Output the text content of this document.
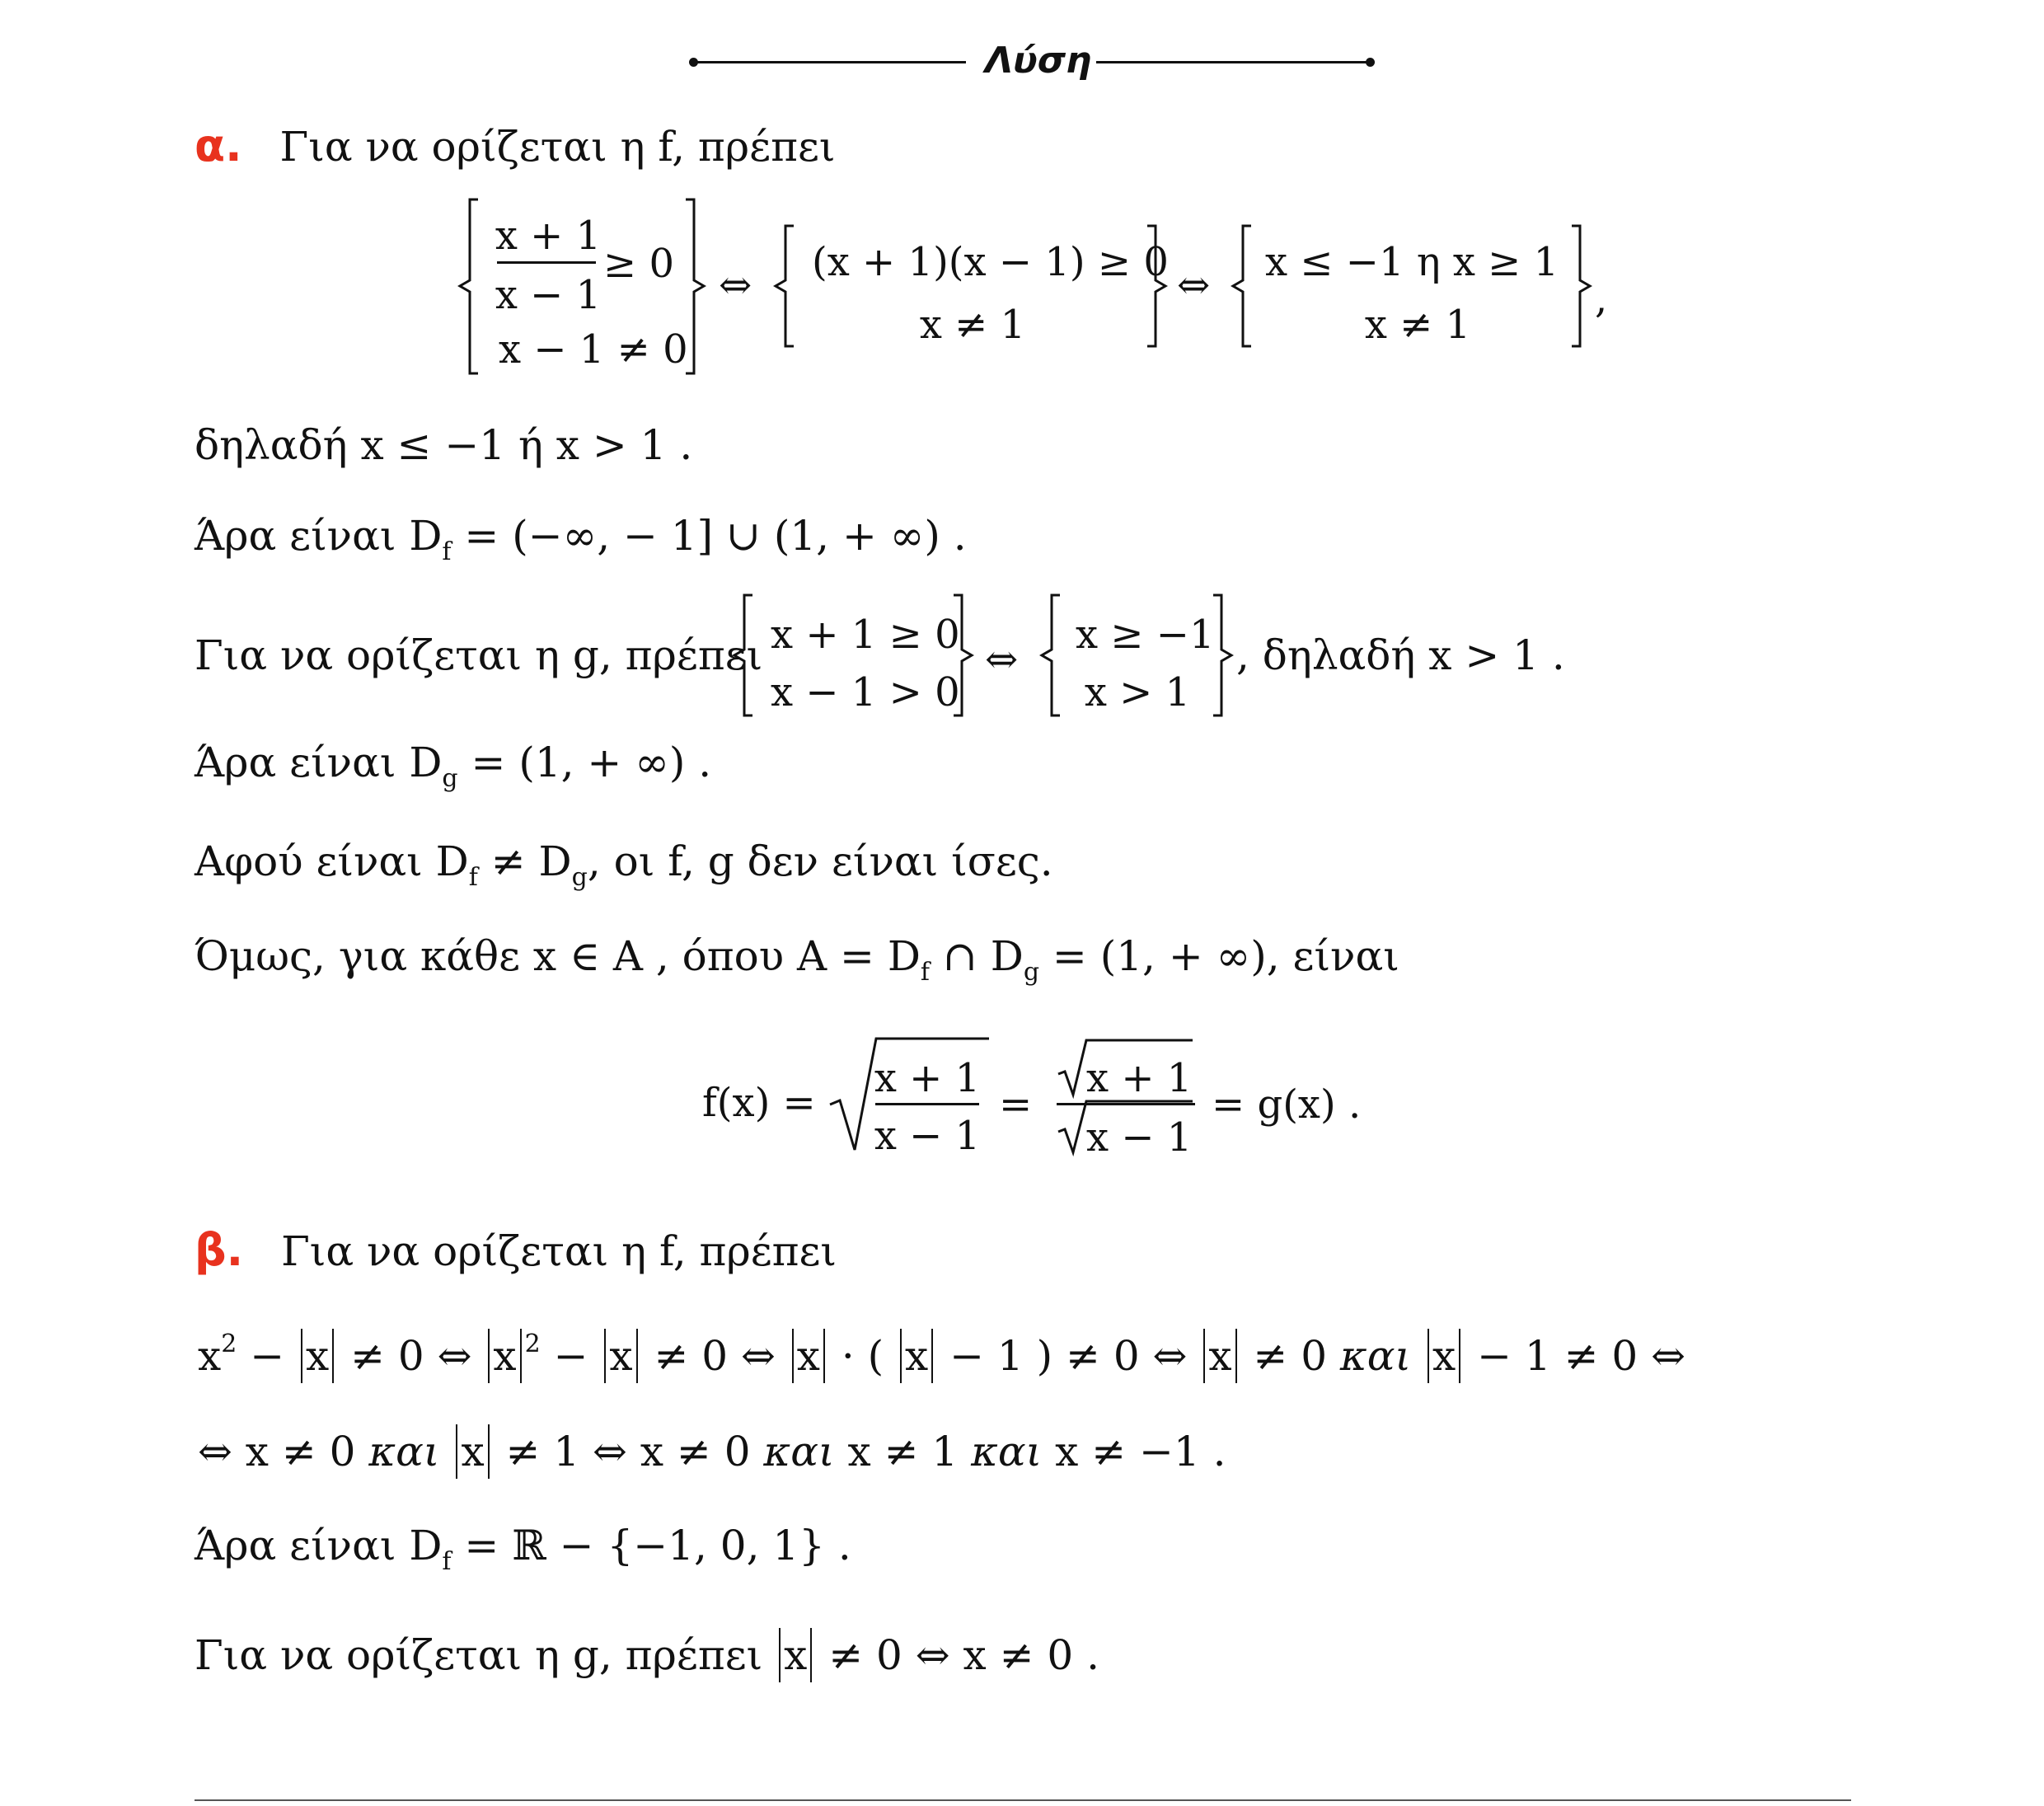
Λύση
α. Για να ορίζεται η f, πρέπει
x + 1
x − 1
≥ 0
x − 1 ≠ 0
⇔ (x + 1)(x − 1) ≥ 0
x ≠ 1
⇔ x ≤ −1 η x ≥ 1
x ≠ 1
,
δηλαδή x ≤ −1 ή x > 1 .
Άρα είναι $D_f$ = (−∞, − 1] ∪ (1, + ∞) .
Για να ορίζεται η g, πρέπει x + 1 ≥ 0
x − 1 > 0
⇔
x ≥ −1
x > 1
, δηλαδή x > 1 .
Άρα είναι $D_g = (1$, + ∞) .
Αφού είναι $D_f \ne D_g$, οι f, g δεν είναι ίσες.
Όμως, για κάθε x ∈ A , όπου $A = D_f$ ∩ $D_g = (1$, + ∞), είναι
f(x) =
x + 1
x − 1
=
x + 1
x − 1
= g(x) .
β. Για να ορίζεται η f, πρέπει
$x^2 - x \ne 0$ ⇔ x $^2$ − x ≠ 0 ⇔ x · ( x − 1 ) ≠ 0 ⇔ x ≠ 0 και x − 1 ≠ 0 ⇔
⇔ x ≠ 0 και x ≠ 1 ⇔ x ≠ 0 και x ≠ 1 και x ≠ −1 .
Άρα είναι $D_f$ = ℝ − {−1, 0, 1} .
Για να ορίζεται η g, πρέπει x ≠ 0 ⇔ x ≠ 0 .
